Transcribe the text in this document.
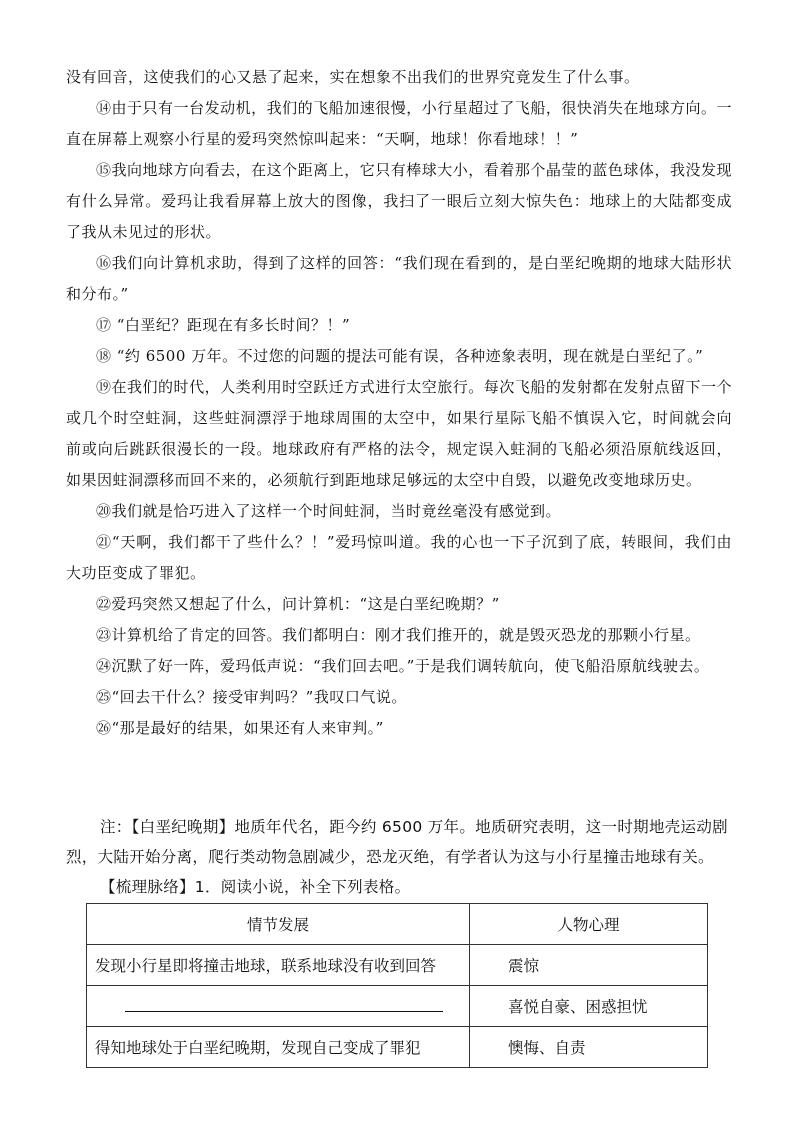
没有回音，这使我们的心又悬了起来，实在想象不出我们的世界究竟发生了什么事。

⑭由于只有一台发动机，我们的飞船加速很慢，小行星超过了飞船，很快消失在地球方向。一直在屏幕上观察小行星的爱玛突然惊叫起来：“天啊，地球！你看地球！！”

⑮我向地球方向看去，在这个距离上，它只有棒球大小，看着那个晶莹的蓝色球体，我没发现有什么异常。爱玛让我看屏幕上放大的图像，我扫了一眼后立刻大惊失色：地球上的大陆都变成了我从未见过的形状。

⑯我们向计算机求助，得到了这样的回答：“我们现在看到的，是白垩纪晚期的地球大陆形状和分布。”

⑰ “白垩纪？距现在有多长时间？！”

⑱ “约 6500 万年。不过您的问题的提法可能有误，各种迹象表明，现在就是白垩纪了。”

⑲在我们的时代，人类利用时空跃迁方式进行太空旅行。每次飞船的发射都在发射点留下一个或几个时空蛀洞，这些蛀洞漂浮于地球周围的太空中，如果行星际飞船不慎误入它，时间就会向前或向后跳跃很漫长的一段。地球政府有严格的法令，规定误入蛀洞的飞船必须沿原航线返回，如果因蛀洞漂移而回不来的，必须航行到距地球足够远的太空中自毁，以避免改变地球历史。

⑳我们就是恰巧进入了这样一个时间蛀洞，当时竟丝毫没有感觉到。

㉑“天啊，我们都干了些什么？！”爱玛惊叫道。我的心也一下子沉到了底，转眼间，我们由大功臣变成了罪犯。

㉒爱玛突然又想起了什么，问计算机：“这是白垩纪晚期？”

㉓计算机给了肯定的回答。我们都明白：刚才我们推开的，就是毁灭恐龙的那颗小行星。

㉔沉默了好一阵，爱玛低声说：“我们回去吧。”于是我们调转航向，使飞船沿原航线驶去。

㉕“回去干什么？接受审判吗？”我叹口气说。

㉖“那是最好的结果，如果还有人来审判。”

注：【白垩纪晚期】地质年代名，距今约 6500 万年。地质研究表明，这一时期地壳运动剧烈，大陆开始分离，爬行类动物急剧减少，恐龙灭绝，有学者认为这与小行星撞击地球有关。

【梳理脉络】1．阅读小说，补全下列表格。

情节发展	人物心理
发现小行星即将撞击地球，联系地球没有收到回答	震惊

	喜悦自豪、困惑担忧
得知地球处于白垩纪晚期，发现自己变成了罪犯	懊悔、自责
